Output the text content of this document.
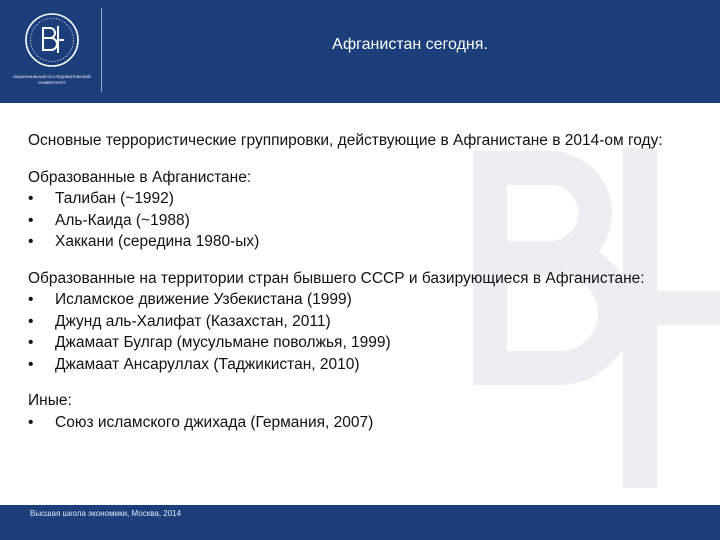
НАЦИОНАЛЬНЫЙ ИССЛЕДОВАТЕЛЬСКИЙ
УНИВЕРСИТЕТ
Афганистан сегодня.

Основные террористические группировки, действующие в Афганистане в 2014-ом году:

Образованные в Афганистане:

• Талибан (~1992)

• Аль-Каида (~1988)

• Хаккани (середина 1980-ых)

Образованные на территории стран бывшего СССР и базирующиеся в Афганистане:

• Исламское движение Узбекистана (1999)

• Джунд аль-Халифат (Казахстан, 2011)

• Джамаат Булгар (мусульмане поволжья, 1999)

• Джамаат Ансаруллах (Таджикистан, 2010)

Иные:

• Союз исламского джихада (Германия, 2007)

Высшая школа экономики, Москва, 2014
